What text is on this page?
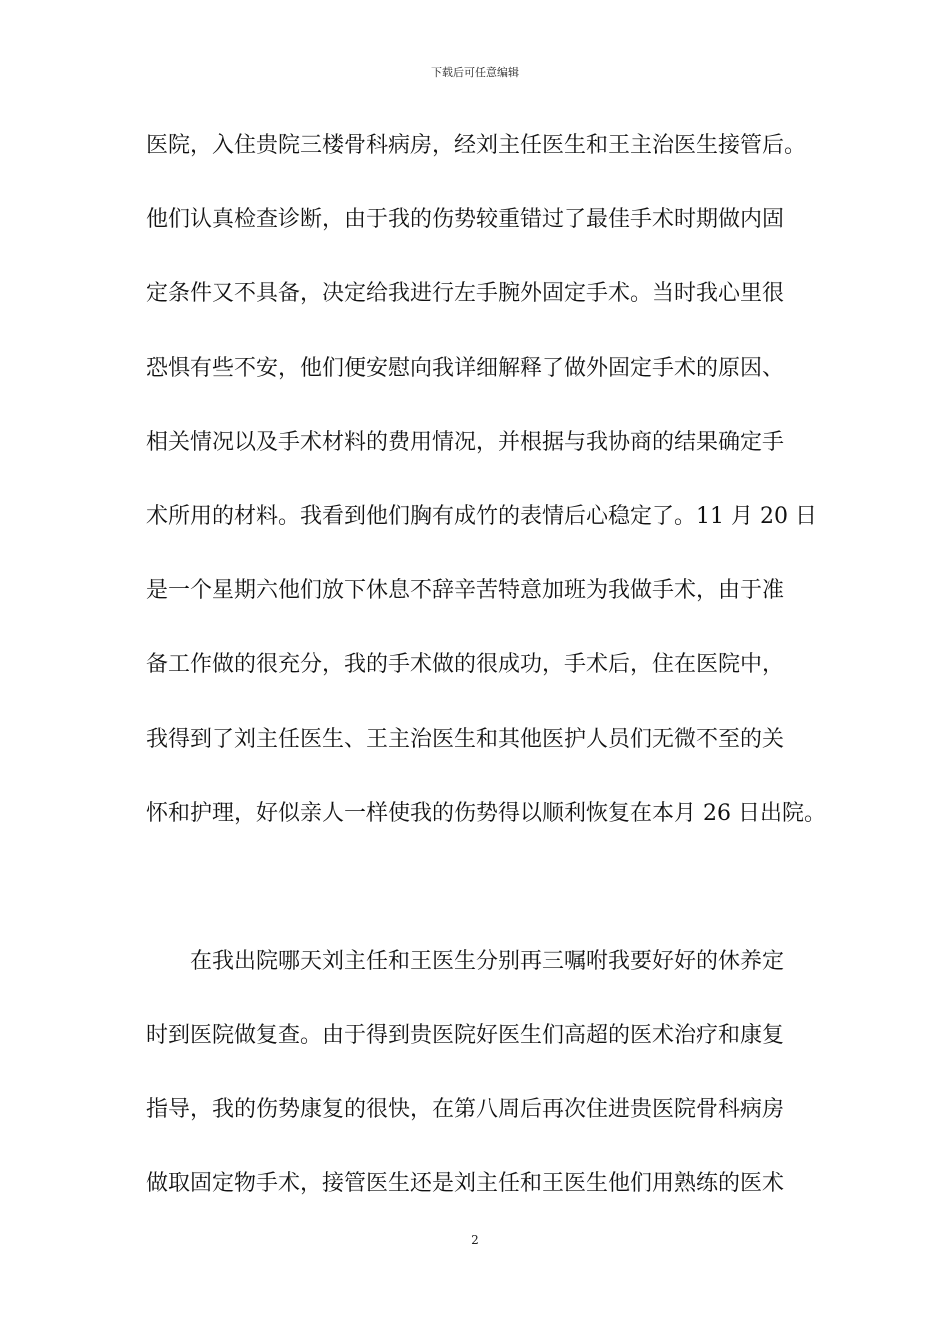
下载后可任意编辑
医院，入住贵院三楼骨科病房，经刘主任医生和王主治医生接管后。
他们认真检查诊断，由于我的伤势较重错过了最佳手术时期做内固
定条件又不具备，决定给我进行左手腕外固定手术。当时我心里很
恐惧有些不安，他们便安慰向我详细解释了做外固定手术的原因、
相关情况以及手术材料的费用情况，并根据与我协商的结果确定手
术所用的材料。我看到他们胸有成竹的表情后心稳定了。11 月 20 日
是一个星期六他们放下休息不辞辛苦特意加班为我做手术，由于准
备工作做的很充分，我的手术做的很成功，手术后，住在医院中，
我得到了刘主任医生、王主治医生和其他医护人员们无微不至的关
怀和护理，好似亲人一样使我的伤势得以顺利恢复在本月 26 日出院。
在我出院哪天刘主任和王医生分别再三嘱咐我要好好的休养定
时到医院做复查。由于得到贵医院好医生们高超的医术治疗和康复
指导，我的伤势康复的很快，在第八周后再次住进贵医院骨科病房
做取固定物手术，接管医生还是刘主任和王医生他们用熟练的医术
2
